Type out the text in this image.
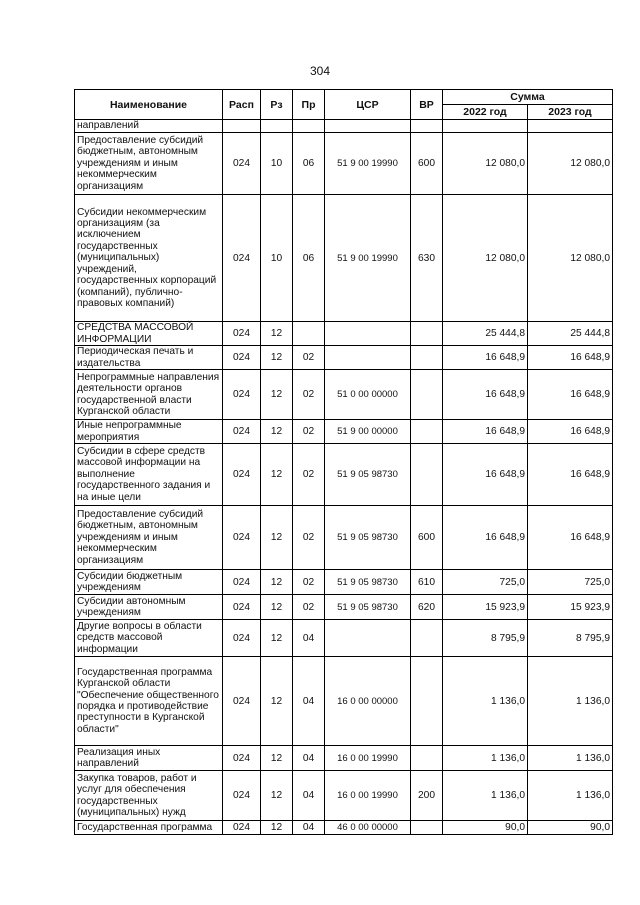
304
Наименование	Расп	Рз	Пр	ЦСР	ВР	Сумма	
						2022 год	2023 год
направлений							
Предоставление субсидий бюджетным, автономным учреждениям и иным некоммерческим организациям	024	10	06	51 9 00 19990	600	12 080,0	12 080,0
Субсидии некоммерческим организациям (за исключением государственных (муниципальных) учреждений, государственных корпораций (компаний), публично-правовых компаний)	024	10	06	51 9 00 19990	630	12 080,0	12 080,0
СРЕДСТВА МАССОВОЙ ИНФОРМАЦИИ	024	12				25 444,8	25 444,8
Периодическая печать и издательства	024	12	02			16 648,9	16 648,9
Непрограммные направления деятельности органов государственной власти Курганской области	024	12	02	51 0 00 00000		16 648,9	16 648,9
Иные непрограммные мероприятия	024	12	02	51 9 00 00000		16 648,9	16 648,9
Субсидии в сфере средств массовой информации на выполнение государственного задания и на иные цели	024	12	02	51 9 05 98730		16 648,9	16 648,9
Предоставление субсидий бюджетным, автономным учреждениям и иным некоммерческим организациям	024	12	02	51 9 05 98730	600	16 648,9	16 648,9
Субсидии бюджетным учреждениям	024	12	02	51 9 05 98730	610	725,0	725,0
Субсидии автономным учреждениям	024	12	02	51 9 05 98730	620	15 923,9	15 923,9
Другие вопросы в области средств массовой информации	024	12	04			8 795,9	8 795,9
Государственная программа Курганской области "Обеспечение общественного порядка и противодействие преступности в Курганской области"	024	12	04	16 0 00 00000		1 136,0	1 136,0
Реализация иных направлений	024	12	04	16 0 00 19990		1 136,0	1 136,0
Закупка товаров, работ и услуг для обеспечения государственных (муниципальных) нужд	024	12	04	16 0 00 19990	200	1 136,0	1 136,0
Государственная программа	024	12	04	46 0 00 00000		90,0	90,0
